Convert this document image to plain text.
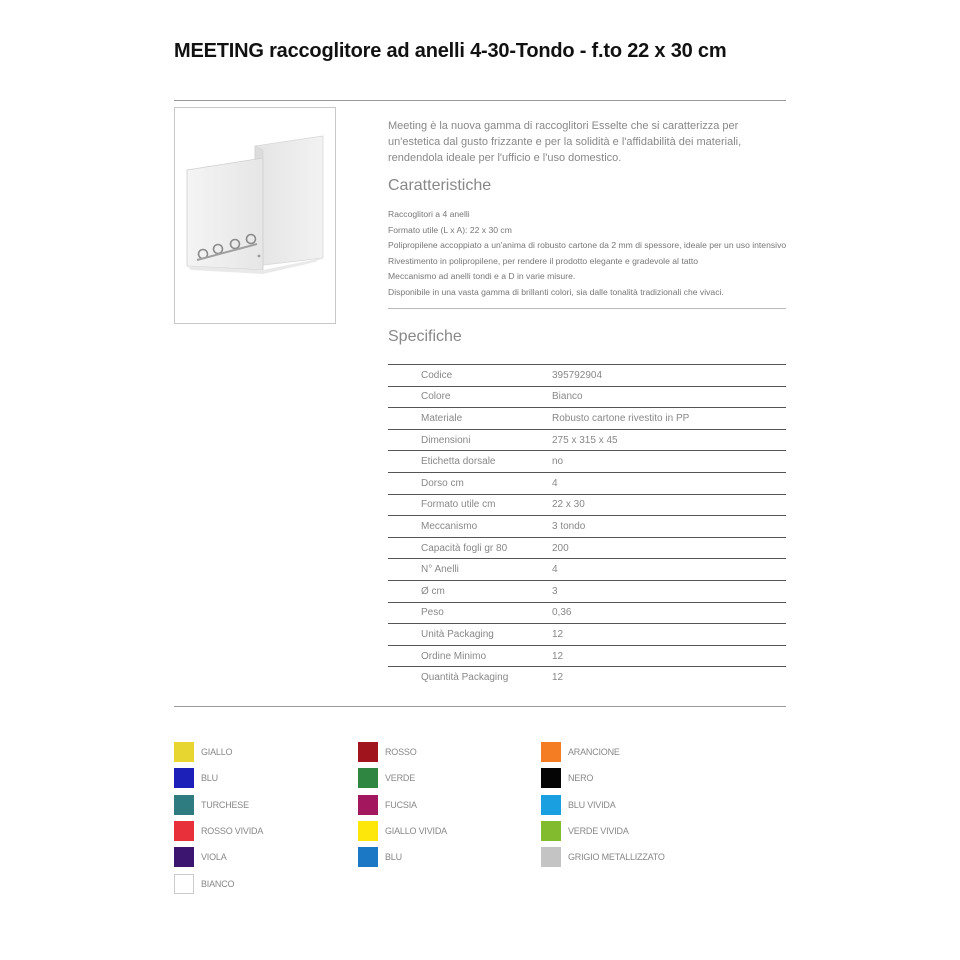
MEETING raccoglitore ad anelli 4-30-Tondo - f.to 22 x 30 cm

Meeting è la nuova gamma di raccoglitori Esselte che si caratterizza per un'estetica dal gusto frizzante e per la solidità e l'affidabilità dei materiali, rendendola ideale per l'ufficio e l'uso domestico.

Caratteristiche
Raccoglitori a 4 anelli
Formato utile (L x A): 22 x 30 cm
Polipropilene accoppiato a un'anima di robusto cartone da 2 mm di spessore, ideale per un uso intensivo
Rivestimento in polipropilene, per rendere il prodotto elegante e gradevole al tatto
Meccanismo ad anelli tondi e a D in varie misure.
Disponibile in una vasta gamma di brillanti colori, sia dalle tonalità tradizionali che vivaci.
Specifiche
Codice	395792904
Colore	Bianco
Materiale	Robusto cartone rivestito in PP
Dimensioni	275 x 315 x 45
Etichetta dorsale	no
Dorso cm	4
Formato utile cm	22 x 30
Meccanismo	3 tondo
Capacità fogli gr 80	200
N° Anelli	4
Ø cm	3
Peso	0,36
Unità Packaging	12
Ordine Minimo	12
Quantità Packaging	12
GIALLO
BLU
TURCHESE
ROSSO VIVIDA
VIOLA
BIANCO
ROSSO
VERDE
FUCSIA
GIALLO VIVIDA
BLU
ARANCIONE
NERO
BLU VIVIDA
VERDE VIVIDA
GRIGIO METALLIZZATO
